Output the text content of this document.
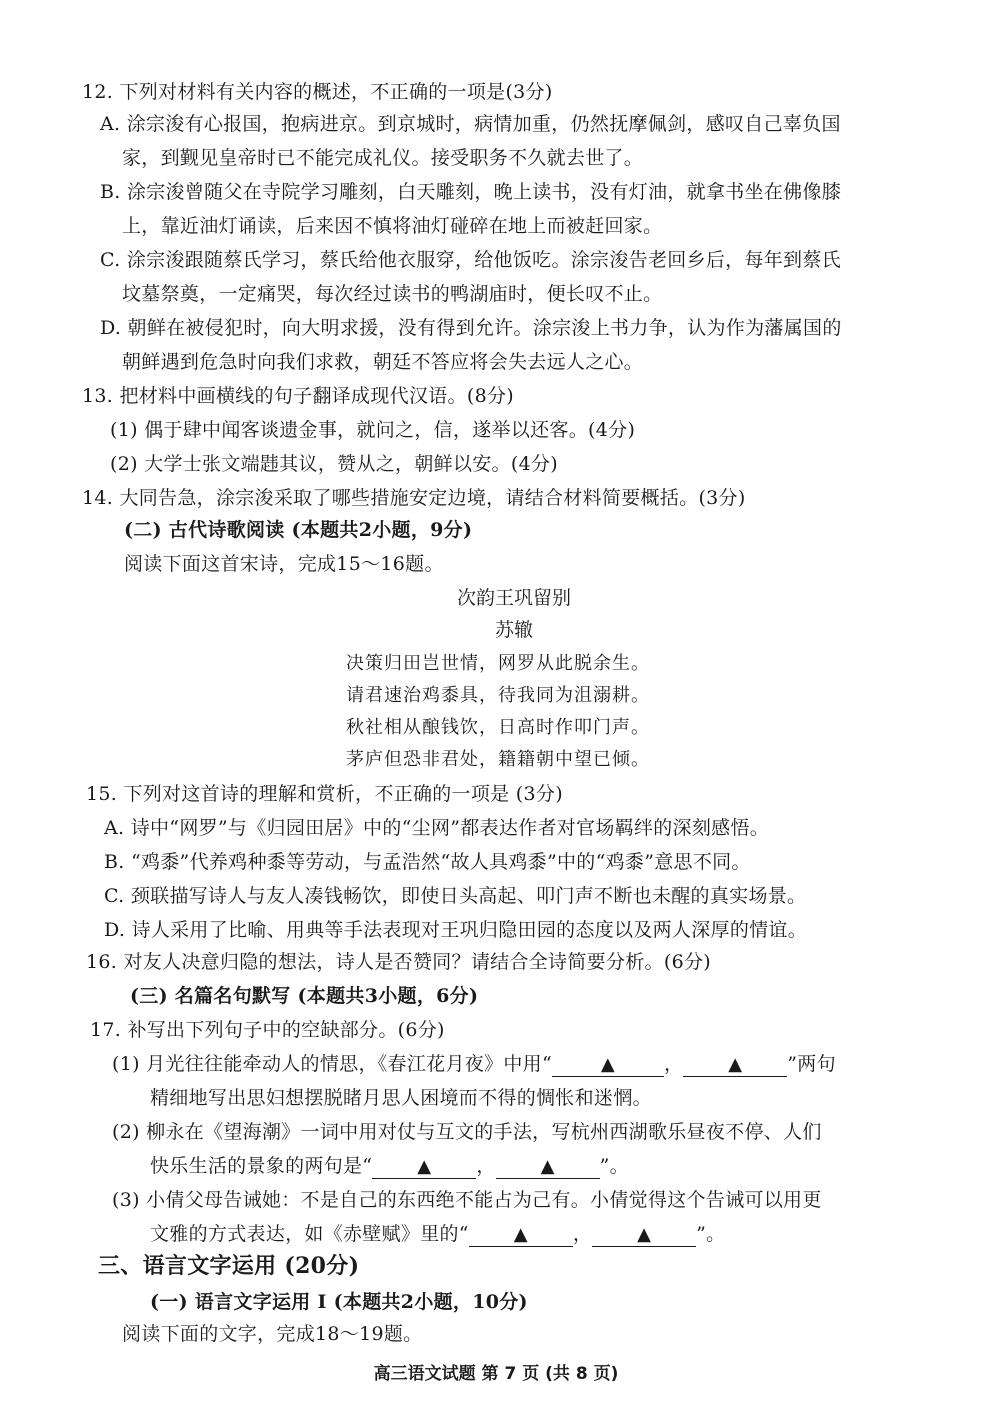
12. 下列对材料有关内容的概述，不正确的一项是(3分)
A. 涂宗浚有心报国，抱病进京。到京城时，病情加重，仍然抚摩佩剑，感叹自己辜负国
家，到觐见皇帝时已不能完成礼仪。接受职务不久就去世了。
B. 涂宗浚曾随父在寺院学习雕刻，白天雕刻，晚上读书，没有灯油，就拿书坐在佛像膝
上，靠近油灯诵读，后来因不慎将油灯碰碎在地上而被赶回家。
C. 涂宗浚跟随蔡氏学习，蔡氏给他衣服穿，给他饭吃。涂宗浚告老回乡后，每年到蔡氏
坟墓祭奠，一定痛哭，每次经过读书的鸭湖庙时，便长叹不止。
D. 朝鲜在被侵犯时，向大明求援，没有得到允许。涂宗浚上书力争，认为作为藩属国的
朝鲜遇到危急时向我们求救，朝廷不答应将会失去远人之心。
13. 把材料中画横线的句子翻译成现代汉语。(8分)
(1) 偶于肆中闻客谈遗金事，就问之，信，遂举以还客。(4分)
(2) 大学士张文端韪其议，赞从之，朝鲜以安。(4分)
14. 大同告急，涂宗浚采取了哪些措施安定边境，请结合材料简要概括。(3分)
(二) 古代诗歌阅读 (本题共2小题，9分)
阅读下面这首宋诗，完成15～16题。
次韵王巩留别
苏辙
决策归田岂世情，网罗从此脱余生。
请君速治鸡黍具，待我同为沮溺耕。
秋社相从酿钱饮，日高时作叩门声。
茅庐但恐非君处，籍籍朝中望已倾。
15. 下列对这首诗的理解和赏析，不正确的一项是 (3分)
A. 诗中“网罗”与《归园田居》中的“尘网”都表达作者对官场羁绊的深刻感悟。
B. “鸡黍”代养鸡种黍等劳动，与孟浩然“故人具鸡黍”中的“鸡黍”意思不同。
C. 颈联描写诗人与友人凑钱畅饮，即使日头高起、叩门声不断也未醒的真实场景。
D. 诗人采用了比喻、用典等手法表现对王巩归隐田园的态度以及两人深厚的情谊。
16. 对友人决意归隐的想法，诗人是否赞同？请结合全诗简要分析。(6分)
(三) 名篇名句默写 (本题共3小题，6分)
17. 补写出下列句子中的空缺部分。(6分)
(1) 月光往往能牵动人的情思，《春江花月夜》中用“	▲	， ▲ ”两句
精细地写出思妇想摆脱睹月思人困境而不得的惆怅和迷惘。
(2) 柳永在《望海潮》一词中用对仗与互文的手法，写杭州西湖歌乐昼夜不停、人们
快乐生活的景象的两句是“ ▲ ， ▲ ”。
(3) 小倩父母告诫她：不是自己的东西绝不能占为己有。小倩觉得这个告诫可以用更
文雅的方式表达，如《赤壁赋》里的“ ▲ ， ▲ ”。
三、语言文字运用 (20分)
(一) 语言文字运用 I (本题共2小题，10分)
阅读下面的文字，完成18～19题。
高三语文试题 第 7 页 (共 8 页)
